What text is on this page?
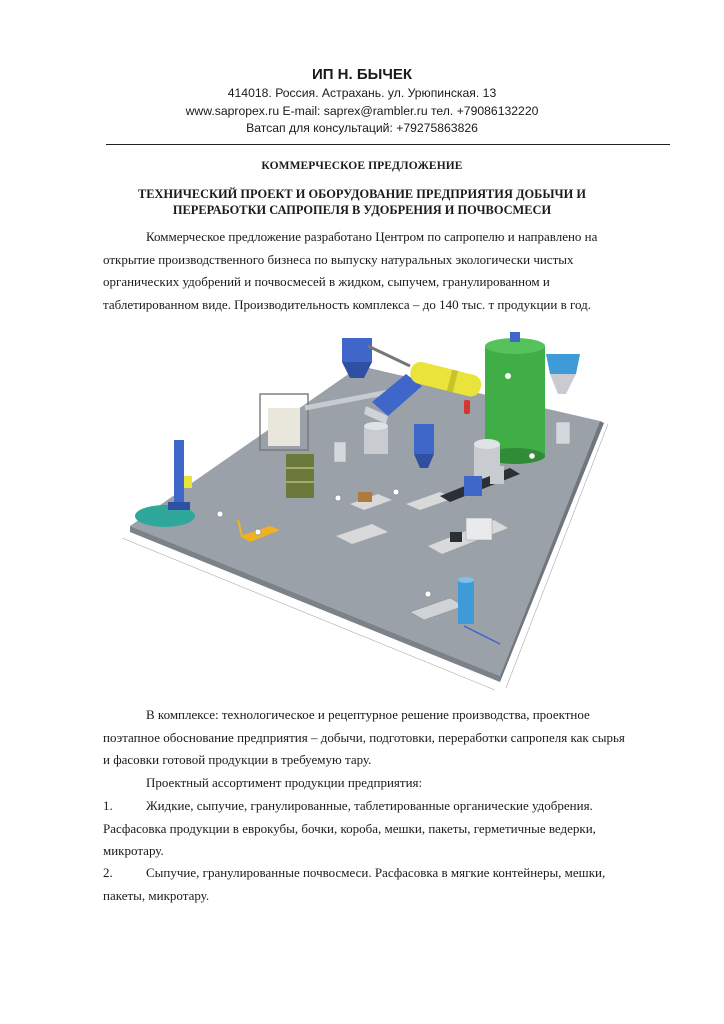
ИП Н. БЫЧЕК
414018. Россия. Астрахань. ул. Урюпинская. 13
www.sapropex.ru E-mail: saprex@rambler.ru тел. +79086132220
Ватсап для консультаций: +79275863826
КОММЕРЧЕСКОЕ ПРЕДЛОЖЕНИЕ
ТЕХНИЧЕСКИЙ ПРОЕКТ И ОБОРУДОВАНИЕ ПРЕДПРИЯТИЯ ДОБЫЧИ И
ПЕРЕРАБОТКИ САПРОПЕЛЯ В УДОБРЕНИЯ И ПОЧВОСМЕСИ

Коммерческое предложение разработано Центром по сапропелю и направлено на открытие производственного бизнеса по выпуску натуральных экологически чистых органических удобрений и почвосмесей в жидком, сыпучем, гранулированном и таблетированном виде. Производительность комплекса – до 140 тыс. т продукции в год.

В комплексе: технологическое и рецептурное решение производства, проектное поэтапное обоснование предприятия – добычи, подготовки, переработки сапропеля как сырья и фасовки готовой продукции в требуемую тару.

Проектный ассортимент продукции предприятия:

1.	Жидкие, сыпучие, гранулированные, таблетированные органические удобрения. Расфасовка продукции в еврокубы, бочки, короба, мешки, пакеты, герметичные ведерки, микротару.

2.	Сыпучие, гранулированные почвосмеси. Расфасовка в мягкие контейнеры, мешки, пакеты, микротару.
